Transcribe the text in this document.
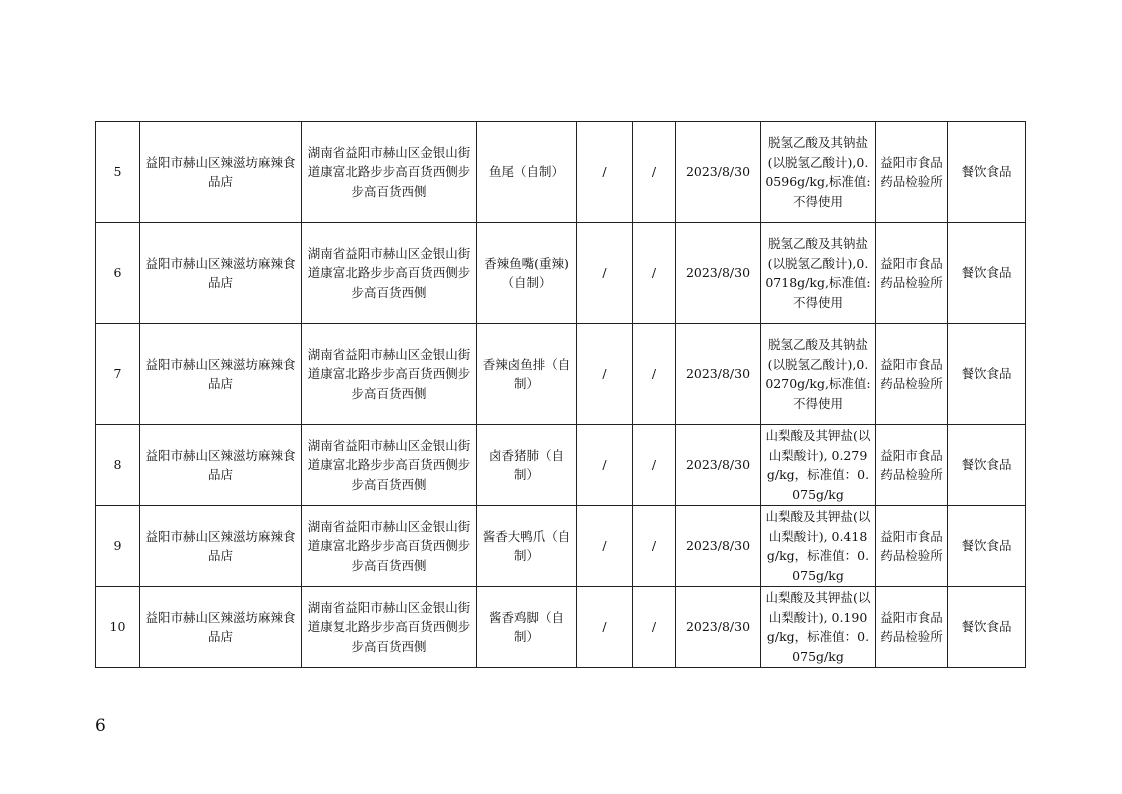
5	益阳市赫山区辣滋坊麻辣食品店	湖南省益阳市赫山区金银山街道康富北路步步高百货西侧步步高百货西侧	鱼尾（自制）	/	/	2023/8/30	脱氢乙酸及其钠盐(以脱氢乙酸计),0.0596g/kg,标准值:不得使用	益阳市食品药品检验所	餐饮食品
6	益阳市赫山区辣滋坊麻辣食品店	湖南省益阳市赫山区金银山街道康富北路步步高百货西侧步步高百货西侧	香辣鱼嘴(重辣)（自制）	/	/	2023/8/30	脱氢乙酸及其钠盐(以脱氢乙酸计),0.0718g/kg,标准值:不得使用	益阳市食品药品检验所	餐饮食品
7	益阳市赫山区辣滋坊麻辣食品店	湖南省益阳市赫山区金银山街道康富北路步步高百货西侧步步高百货西侧	香辣卤鱼排（自制）	/	/	2023/8/30	脱氢乙酸及其钠盐(以脱氢乙酸计),0.0270g/kg,标准值:不得使用	益阳市食品药品检验所	餐饮食品
8	益阳市赫山区辣滋坊麻辣食品店	湖南省益阳市赫山区金银山街道康富北路步步高百货西侧步步高百货西侧	卤香猪肺（自制）	/	/	2023/8/30	山梨酸及其钾盐(以山梨酸计), 0.279g/kg，标准值：0.075g/kg	益阳市食品药品检验所	餐饮食品
9	益阳市赫山区辣滋坊麻辣食品店	湖南省益阳市赫山区金银山街道康富北路步步高百货西侧步步高百货西侧	酱香大鸭爪（自制）	/	/	2023/8/30	山梨酸及其钾盐(以山梨酸计), 0.418g/kg，标准值：0.075g/kg	益阳市食品药品检验所	餐饮食品
10	益阳市赫山区辣滋坊麻辣食品店	湖南省益阳市赫山区金银山街道康复北路步步高百货西侧步步高百货西侧	酱香鸡脚（自制）	/	/	2023/8/30	山梨酸及其钾盐(以山梨酸计), 0.190g/kg，标准值：0.075g/kg	益阳市食品药品检验所	餐饮食品
6
